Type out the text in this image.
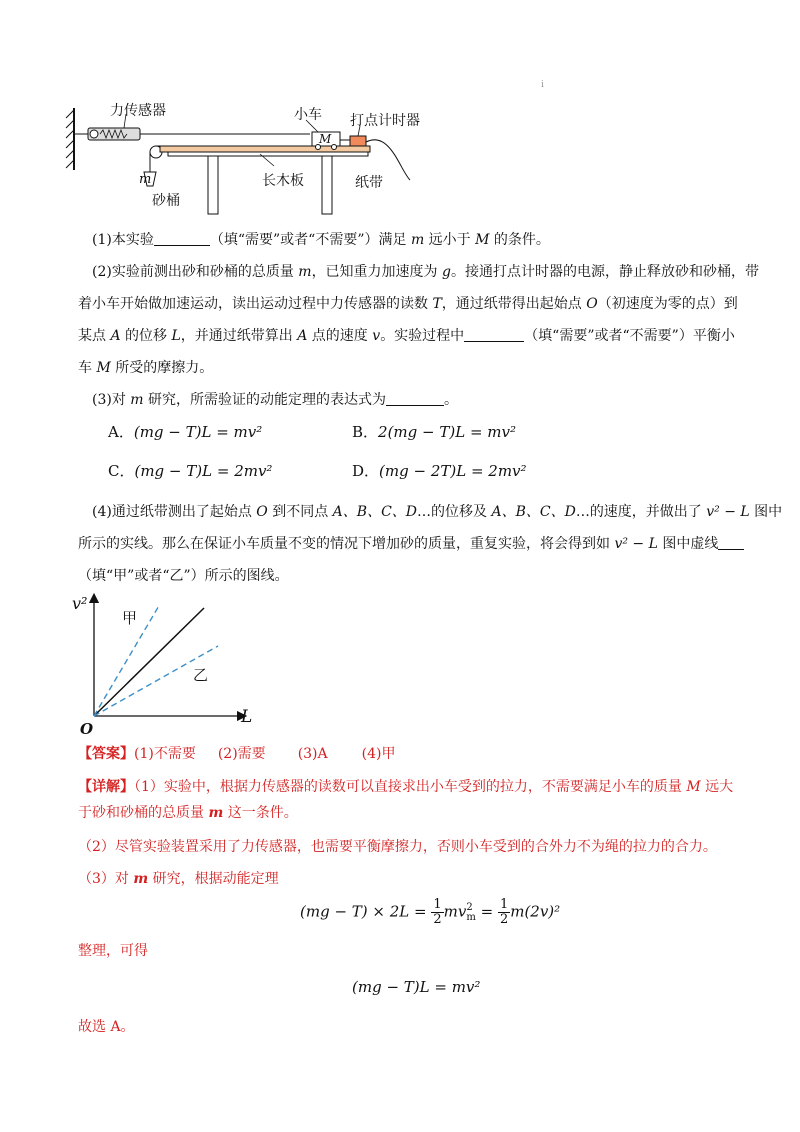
ⅰ
力传感器	小车
M
打点计时器
长木板	纸带
m
砂桶
(1)本实验	（填“需要”或者“不需要”）满足 m 远小于 M 的条件。
(2)实验前测出砂和砂桶的总质量 m，已知重力加速度为 g。接通打点计时器的电源，静止释放砂和砂桶，带
着小车开始做加速运动，读出运动过程中力传感器的读数 T，通过纸带得出起始点 O（初速度为零的点）到
某点 A 的位移 L，并通过纸带算出 A 点的速度 v。实验过程中	（填“需要”或者“不需要”）平衡小
车 M 所受的摩擦力。
(3)对 m 研究，所需验证的动能定理的表达式为	。
A．(mg − T)L = mv²	B．2(mg − T)L = mv²
C．(mg − T)L = 2mv²	D．(mg − 2T)L = 2mv²
(4)通过纸带测出了起始点 O 到不同点 A、B、C、D…的位移及 A、B、C、D…的速度，并做出了 v² − L 图中
所示的实线。那么在保证小车质量不变的情况下增加砂的质量，重复实验，将会得到如 v² − L 图中虚线
（填“甲”或者“乙”）所示的图线。
v²
L
O
甲
乙
【答案】(1)不需要 (2)需要 (3)A (4)甲
【详解】（1）实验中，根据力传感器的读数可以直接求出小车受到的拉力，不需要满足小车的质量 M 远大
于砂和砂桶的总质量 m 这一条件。
（2）尽管实验装置采用了力传感器，也需要平衡摩擦力，否则小车受到的合外力不为绳的拉力的合力。
（3）对 m 研究，根据动能定理
$(mg - T) \times 2L = \frac{1}{2}$ mv 2
$m = \frac{1}{2} m(2v)^2$
整理，可得
(mg − T)L = mv²
故选 A。
